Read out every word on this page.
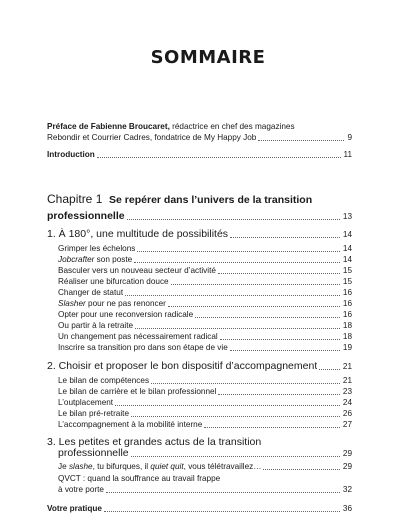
SOMMAIRE
Préface de Fabienne Broucaret, rédactrice en chef des magazines
Rebondir et Courrier Cadres, fondatrice de My Happy Job	9
Introduction	11
Chapitre 1 Se repérer dans l’univers de la transition
professionnelle	13
1. À 180°, une multitude de possibilités	14
Grimper les échelons	14
Jobcrafter son poste	14
Basculer vers un nouveau secteur d’activité	15
Réaliser une bifurcation douce	15
Changer de statut	16
Slasher pour ne pas renoncer	16
Opter pour une reconversion radicale	16
Ou partir à la retraite	18
Un changement pas nécessairement radical	18
Inscrire sa transition pro dans son étape de vie	19
2. Choisir et proposer le bon dispositif d’accompagnement	21
Le bilan de compétences	21
Le bilan de carrière et le bilan professionnel	23
L’outplacement	24
Le bilan pré-retraite	26
L’accompagnement à la mobilité interne	27
3. Les petites et grandes actus de la transition
professionnelle	29
Je slashe, tu bifurques, il quiet quit, vous télétravaillez…	29
QVCT : quand la souffrance au travail frappe
à votre porte	32
Votre pratique	36
